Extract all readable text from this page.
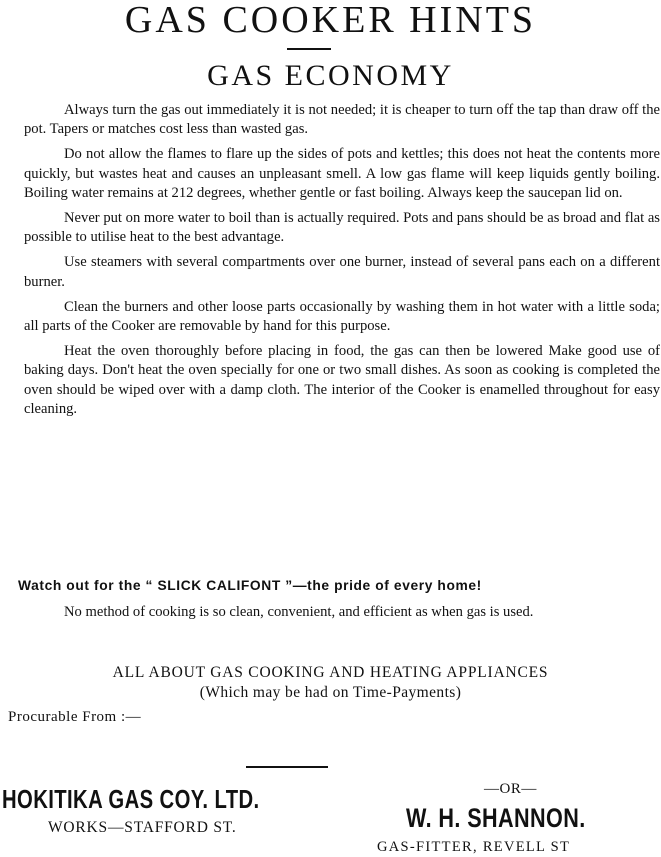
GAS COOKER HINTS
GAS ECONOMY

Always turn the gas out immediately it is not needed; it is cheaper to turn off the tap than draw off the pot. Tapers or matches cost less than wasted gas.

Do not allow the flames to flare up the sides of pots and kettles; this does not heat the contents more quickly, but wastes heat and causes an unpleasant smell. A low gas flame will keep liquids gently boiling. Boiling water remains at 212 degrees, whether gentle or fast boiling. Always keep the saucepan lid on.

Never put on more water to boil than is actually required. Pots and pans should be as broad and flat as possible to utilise heat to the best advantage.

Use steamers with several compartments over one burner, instead of several pans each on a different burner.

Clean the burners and other loose parts occasionally by washing them in hot water with a little soda; all parts of the Cooker are removable by hand for this purpose.

Heat the oven thoroughly before placing in food, the gas can then be lowered Make good use of baking days. Don't heat the oven specially for one or two small dishes. As soon as cooking is completed the oven should be wiped over with a damp cloth. The interior of the Cooker is enamelled throughout for easy cleaning.

Watch out for the “ SLICK CALIFONT ”—the pride of every home!

No method of cooking is so clean, convenient, and efficient as when gas is used.

ALL ABOUT GAS COOKING AND HEATING APPLIANCES
(Which may be had on Time-Payments)
Procurable From :—
HOKITIKA GAS COY. LTD.
WORKS—STAFFORD ST.
—OR—
W. H. SHANNON.
GAS-FITTER, REVELL ST
